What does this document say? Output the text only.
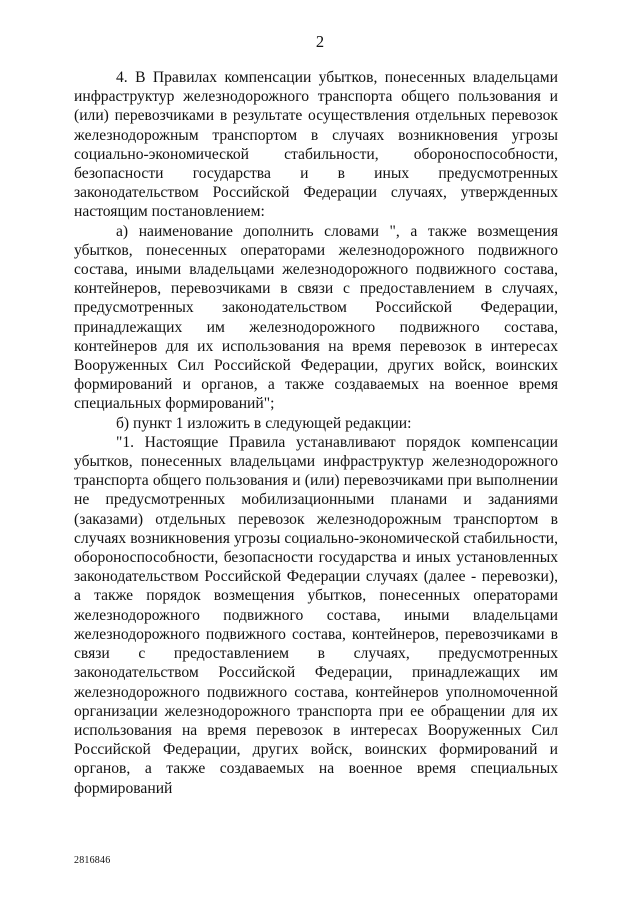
2

4. В Правилах компенсации убытков, понесенных владельцами инфраструктур железнодорожного транспорта общего пользования и (или) перевозчиками в результате осуществления отдельных перевозок железнодорожным транспортом в случаях возникновения угрозы социально-экономической стабильности, обороноспособности, безопасности государства и в иных предусмотренных законодательством Российской Федерации случаях, утвержденных настоящим постановлением:

а) наименование дополнить словами ", а также возмещения убытков, понесенных операторами железнодорожного подвижного состава, иными владельцами железнодорожного подвижного состава, контейнеров, перевозчиками в связи с предоставлением в случаях, предусмотренных законодательством Российской Федерации, принадлежащих им железнодорожного подвижного состава, контейнеров для их использования на время перевозок в интересах Вооруженных Сил Российской Федерации, других войск, воинских формирований и органов, а также создаваемых на военное время специальных формирований";

б) пункт 1 изложить в следующей редакции:

"1. Настоящие Правила устанавливают порядок компенсации убытков, понесенных владельцами инфраструктур железнодорожного транспорта общего пользования и (или) перевозчиками при выполнении не предусмотренных мобилизационными планами и заданиями (заказами) отдельных перевозок железнодорожным транспортом в случаях возникновения угрозы социально-экономической стабильности, обороноспособности, безопасности государства и иных установленных законодательством Российской Федерации случаях (далее - перевозки), а также порядок возмещения убытков, понесенных операторами железнодорожного подвижного состава, иными владельцами железнодорожного подвижного состава, контейнеров, перевозчиками в связи с предоставлением в случаях, предусмотренных законодательством Российской Федерации, принадлежащих им железнодорожного подвижного состава, контейнеров уполномоченной организации железнодорожного транспорта при ее обращении для их использования на время перевозок в интересах Вооруженных Сил Российской Федерации, других войск, воинских формирований и органов, а также создаваемых на военное время специальных формирований

2816846
